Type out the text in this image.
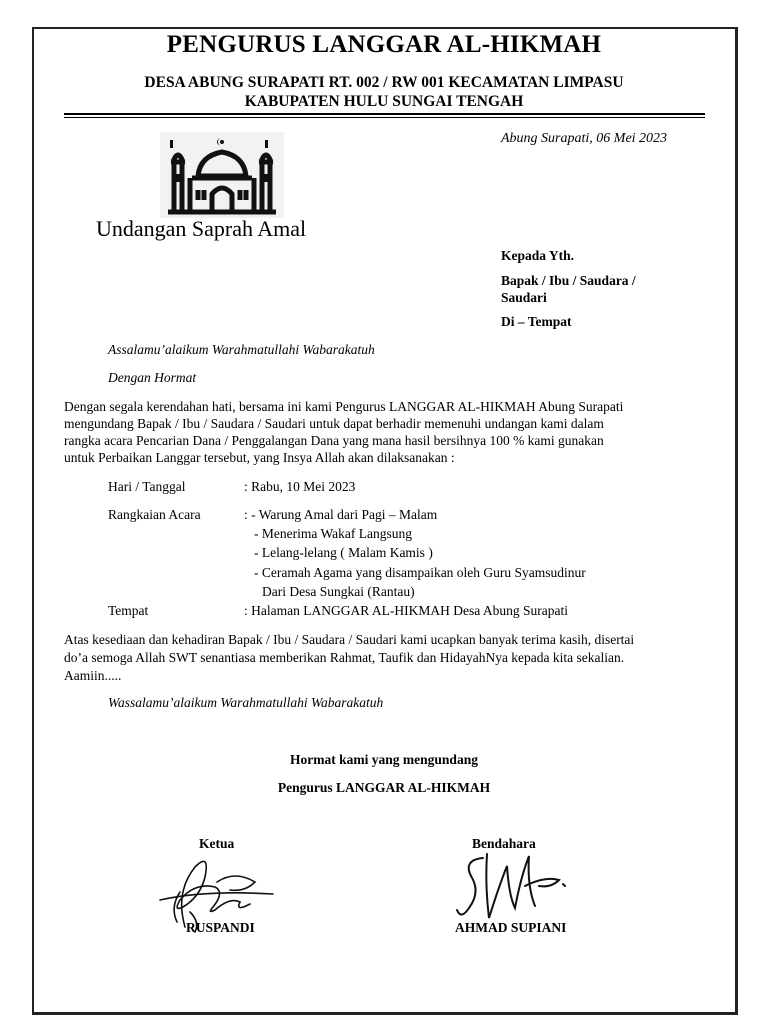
PENGURUS LANGGAR AL-HIKMAH
DESA ABUNG SURAPATI RT. 002 / RW 001 KECAMATAN LIMPASU
KABUPATEN HULU SUNGAI TENGAH
Abung Surapati, 06 Mei 2023
Undangan Saprah Amal
Kepada Yth.
Bapak / Ibu / Saudara /
Saudari
Di – Tempat
Assalamu’alaikum Warahmatullahi Wabarakatuh
Dengan Hormat
Dengan segala kerendahan hati, bersama ini kami Pengurus LANGGAR AL-HIKMAH Abung Surapati
mengundang Bapak / Ibu / Saudara / Saudari untuk dapat berhadir memenuhi undangan kami dalam
rangka acara Pencarian Dana / Penggalangan Dana yang mana hasil bersihnya 100 % kami gunakan
untuk Perbaikan Langgar tersebut, yang Insya Allah akan dilaksanakan :
Hari / Tanggal	: Rabu, 10 Mei 2023
Rangkaian Acara	: - Warung Amal dari Pagi – Malam
- Menerima Wakaf Langsung
- Lelang-lelang ( Malam Kamis )
- Ceramah Agama yang disampaikan oleh Guru Syamsudinur
Dari Desa Sungkai (Rantau)
Tempat	: Halaman LANGGAR AL-HIKMAH Desa Abung Surapati
Atas kesediaan dan kehadiran Bapak / Ibu / Saudara / Saudari kami ucapkan banyak terima kasih, disertai
do’a semoga Allah SWT senantiasa memberikan Rahmat, Taufik dan HidayahNya kepada kita sekalian.
Aamiin.....
Wassalamu’alaikum Warahmatullahi Wabarakatuh
Hormat kami yang mengundang
Pengurus LANGGAR AL-HIKMAH
Ketua	Bendahara
RUSPANDI	AHMAD SUPIANI
